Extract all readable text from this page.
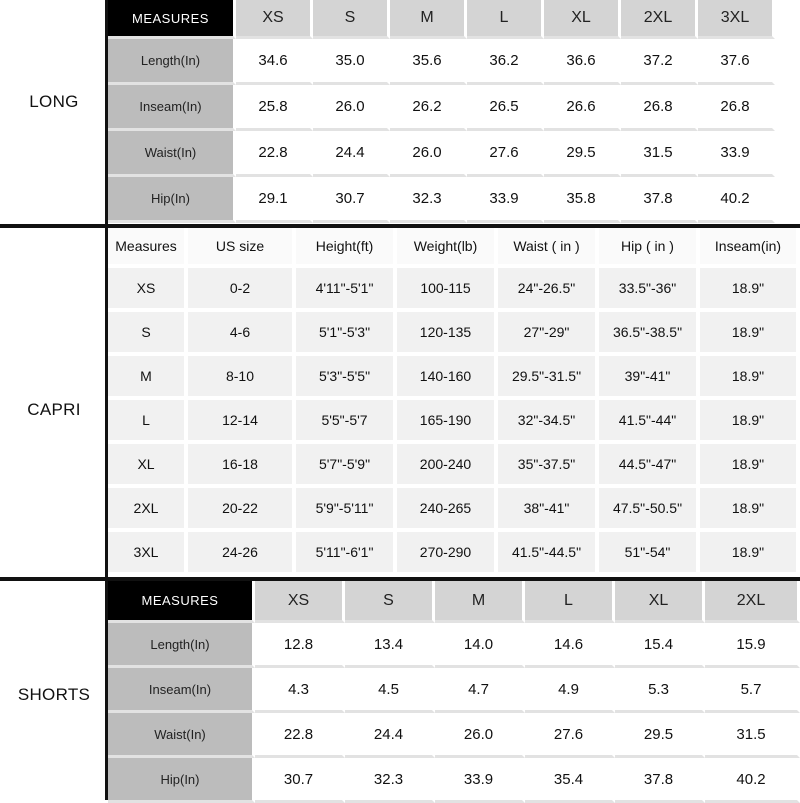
LONG
MEASURES	XS	S	M	L	XL	2XL	3XL
Length(In)	34.6	35.0	35.6	36.2	36.6	37.2	37.6
Inseam(In)	25.8	26.0	26.2	26.5	26.6	26.8	26.8
Waist(In)	22.8	24.4	26.0	27.6	29.5	31.5	33.9
Hip(In)	29.1	30.7	32.3	33.9	35.8	37.8	40.2
CAPRI
Measures	US size	Height(ft)	Weight(lb)	Waist ( in )	Hip ( in )	Inseam(in)
XS	0-2	4'11"-5'1"	100-115	24"-26.5"	33.5"-36"	18.9"
S	4-6	5'1"-5'3"	120-135	27"-29"	36.5"-38.5"	18.9"
M	8-10	5'3"-5'5"	140-160	29.5"-31.5"	39"-41"	18.9"
L	12-14	5'5"-5'7	165-190	32"-34.5"	41.5"-44"	18.9"
XL	16-18	5'7"-5'9"	200-240	35"-37.5"	44.5"-47"	18.9"
2XL	20-22	5'9"-5'11"	240-265	38"-41"	47.5"-50.5"	18.9"
3XL	24-26	5'11"-6'1"	270-290	41.5"-44.5"	51"-54"	18.9"
SHORTS
MEASURES	XS	S	M	L	XL	2XL
Length(In)	12.8	13.4	14.0	14.6	15.4	15.9
Inseam(In)	4.3	4.5	4.7	4.9	5.3	5.7
Waist(In)	22.8	24.4	26.0	27.6	29.5	31.5
Hip(In)	30.7	32.3	33.9	35.4	37.8	40.2
